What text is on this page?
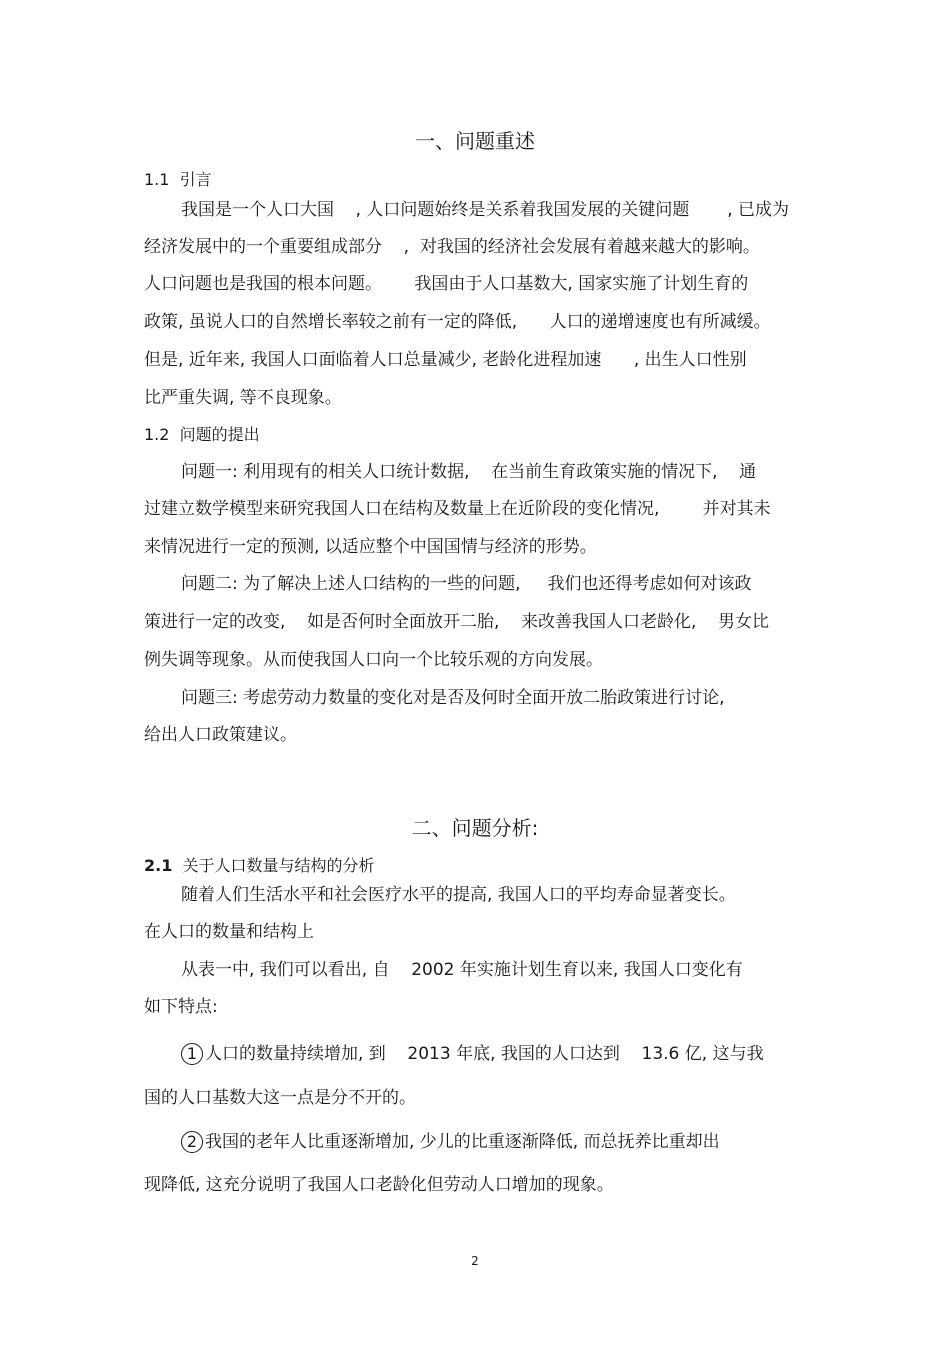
一、问题重述
1.1 引言
我国是一个人口大国    , 人口问题始终是关系着我国发展的关键问题       , 已成为
经济发展中的一个重要组成部分    ,  对我国的经济社会发展有着越来越大的影响。
人口问题也是我国的根本问题。      我国由于人口基数大, 国家实施了计划生育的
政策, 虽说人口的自然增长率较之前有一定的降低,      人口的递增速度也有所减缓。
但是, 近年来, 我国人口面临着人口总量减少, 老龄化进程加速      , 出生人口性别
比严重失调, 等不良现象。
1.2 问题的提出
问题一: 利用现有的相关人口统计数据,    在当前生育政策实施的情况下,    通
过建立数学模型来研究我国人口在结构及数量上在近阶段的变化情况,        并对其未
来情况进行一定的预测, 以适应整个中国国情与经济的形势。
问题二: 为了解决上述人口结构的一些的问题,     我们也还得考虑如何对该政
策进行一定的改变,    如是否何时全面放开二胎,    来改善我国人口老龄化,    男女比
例失调等现象。从而使我国人口向一个比较乐观的方向发展。
问题三: 考虑劳动力数量的变化对是否及何时全面开放二胎政策进行讨论,
给出人口政策建议。
二、问题分析:
2.1 关于人口数量与结构的分析
随着人们生活水平和社会医疗水平的提高, 我国人口的平均寿命显著变长。
在人口的数量和结构上
从表一中, 我们可以看出, 自    2002 年实施计划生育以来, 我国人口变化有
如下特点:
1 人口的数量持续增加, 到    2013 年底, 我国的人口达到    13.6 亿, 这与我
国的人口基数大这一点是分不开的。
2 我国的老年人比重逐渐增加, 少儿的比重逐渐降低, 而总抚养比重却出
现降低, 这充分说明了我国人口老龄化但劳动人口增加的现象。
2
